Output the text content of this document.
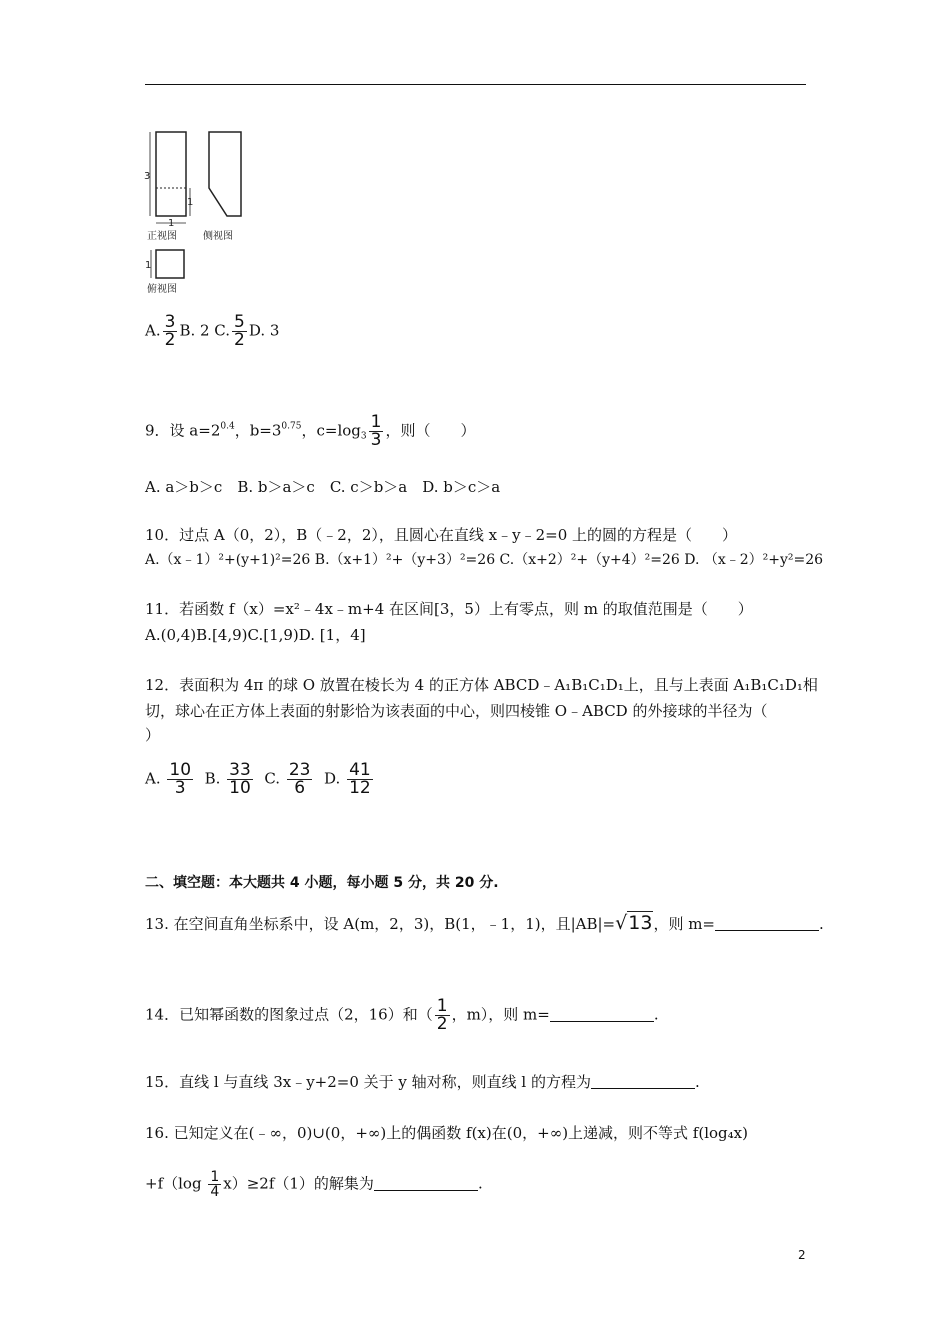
3
1
1
正视图	侧视图
1
俯视图
A. $\frac{3}{2} B$. 2 C. $\frac{5}{2} D$. 3
9．设 $a=2^{0.4}$，$b=3^{0.75}$，$c=\log_3 \frac{1}{3}$ ，则（　　）
A. a＞b＞c　B. b＞a＞c　C. c＞b＞a　D. b＞c＞a
10．过点 A（0，2），B（﹣2，2），且圆心在直线 x﹣y﹣2=0 上的圆的方程是（　　）
A.（x﹣1）²+(y+1)²=26 B.（x+1）²+（y+3）²=26 C.（x+2）²+（y+4）²=26 D. （x﹣2）²+y²=26
11．若函数 f（x）=x²﹣4x﹣m+4 在区间[3，5）上有零点，则 m 的取值范围是（　　）
A.(0,4)B.[4,9)C.[1,9)D. [1，4]
12．表面积为 4π 的球 O 放置在棱长为 4 的正方体 ABCD﹣A₁B₁C₁D₁上，且与上表面 A₁B₁C₁D₁相
切，球心在正方体上表面的射影恰为该表面的中心，则四棱锥 O﹣ABCD 的外接球的半径为（
）
A. $\frac{10}{3} B$. $\frac{33}{10} C$. $\frac{23}{6} D$. $\frac{41}{12}$
二、填空题：本大题共 4 小题，每小题 5 分，共 20 分.
13. 在空间直角坐标系中，设 A(m，2，3)，B(1，﹣1，1)，且|AB|=√13，则 m=	.
14．已知幂函数的图象过点（2，16）和（ $\frac{1}{2}$ ，m），则 m=	.
15．直线 l 与直线 3x﹣y+2=0 关于 y 轴对称，则直线 l 的方程为	.
16. 已知定义在(﹣∞，0)∪(0，+∞)上的偶函数 f(x)在(0，+∞)上递减，则不等式 f(log₄x)
$+f(\log \frac{1}{4} x)\ge 2f(1)$的解集为	.
2
